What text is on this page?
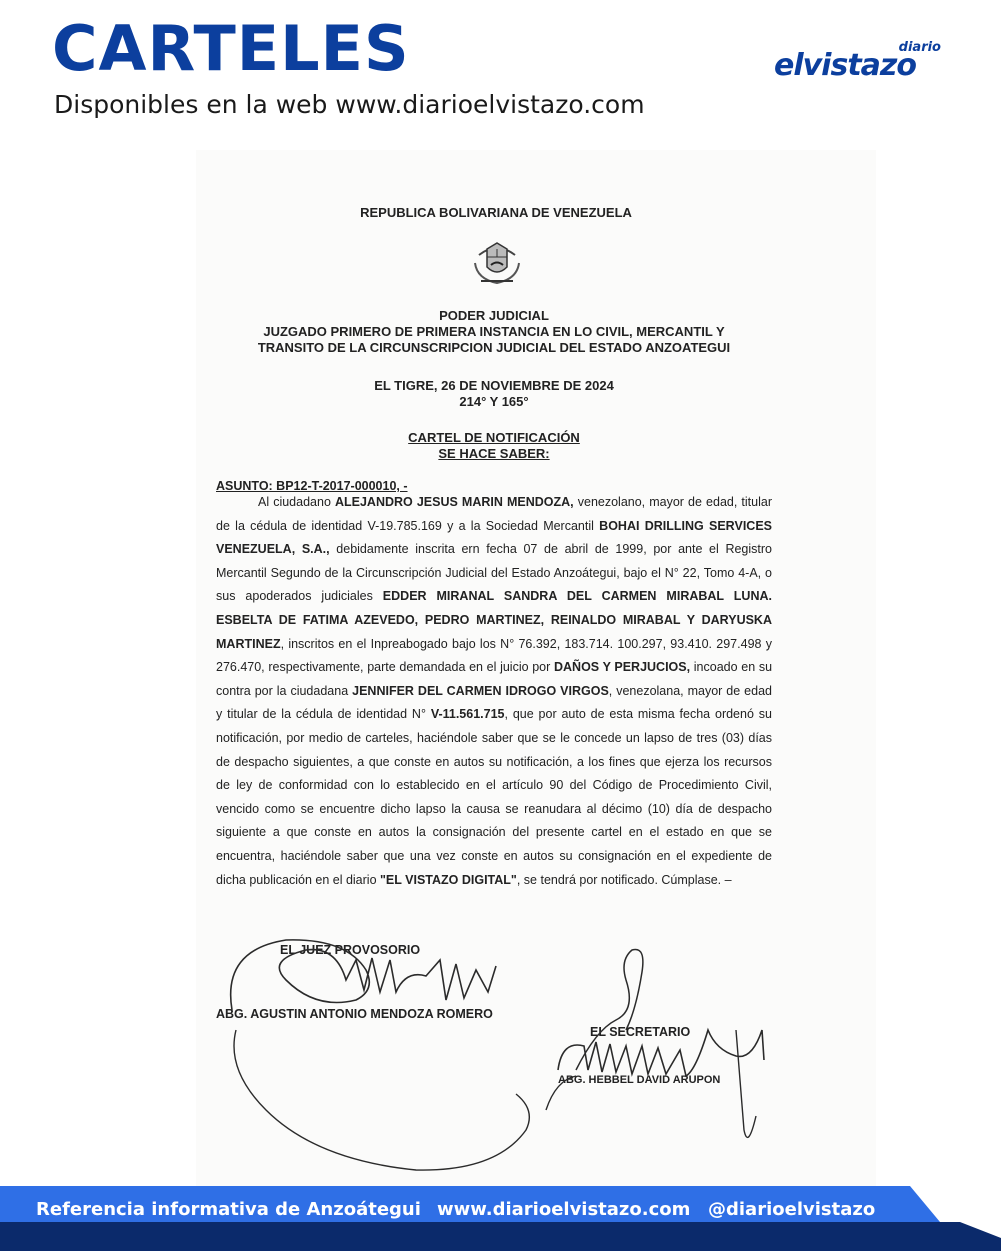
CARTELES
Disponibles en la web www.diarioelvistazo.com
diario
elvistazo
REPUBLICA BOLIVARIANA DE VENEZUELA
PODER JUDICIAL
JUZGADO PRIMERO DE PRIMERA INSTANCIA EN LO CIVIL, MERCANTIL Y
TRANSITO DE LA CIRCUNSCRIPCION JUDICIAL DEL ESTADO ANZOATEGUI
EL TIGRE, 26 DE NOVIEMBRE DE 2024
214° Y 165°
CARTEL DE NOTIFICACIÓN
SE HACE SABER:
ASUNTO: BP12-T-2017-000010, -
Al ciudadano ALEJANDRO JESUS MARIN MENDOZA, venezolano, mayor de edad, titular de la cédula de identidad V-19.785.169 y a la Sociedad Mercantil BOHAI DRILLING SERVICES VENEZUELA, S.A., debidamente inscrita ern fecha 07 de abril de 1999, por ante el Registro Mercantil Segundo de la Circunscripción Judicial del Estado Anzoátegui, bajo el N° 22, Tomo 4-A, o sus apoderados judiciales EDDER MIRANAL SANDRA DEL CARMEN MIRABAL LUNA. ESBELTA DE FATIMA AZEVEDO, PEDRO MARTINEZ, REINALDO MIRABAL Y DARYUSKA MARTINEZ, inscritos en el Inpreabogado bajo los N° 76.392, 183.714. 100.297, 93.410. 297.498 y 276.470, respectivamente, parte demandada en el juicio por DAÑOS Y PERJUCIOS, incoado en su contra por la ciudadana JENNIFER DEL CARMEN IDROGO VIRGOS, venezolana, mayor de edad y titular de la cédula de identidad N° V-11.561.715, que por auto de esta misma fecha ordenó su notificación, por medio de carteles, haciéndole saber que se le concede un lapso de tres (03) días de despacho siguientes, a que conste en autos su notificación, a los fines que ejerza los recursos de ley de conformidad con lo establecido en el artículo 90 del Código de Procedimiento Civil, vencido como se encuentre dicho lapso la causa se reanudara al décimo (10) día de despacho siguiente a que conste en autos la consignación del presente cartel en el estado en que se encuentra, haciéndole saber que una vez conste en autos su consignación en el expediente de dicha publicación en el diario "EL VISTAZO DIGITAL", se tendrá por notificado. Cúmplase. –
EL JUEZ PROVOSORIO
ABG. AGUSTIN ANTONIO MENDOZA ROMERO
EL SECRETARIO
ABG. HEBBEL DAVID ARUPON
Referencia informativa de Anzoátegui www.diarioelvistazo.com @diarioelvistazo
